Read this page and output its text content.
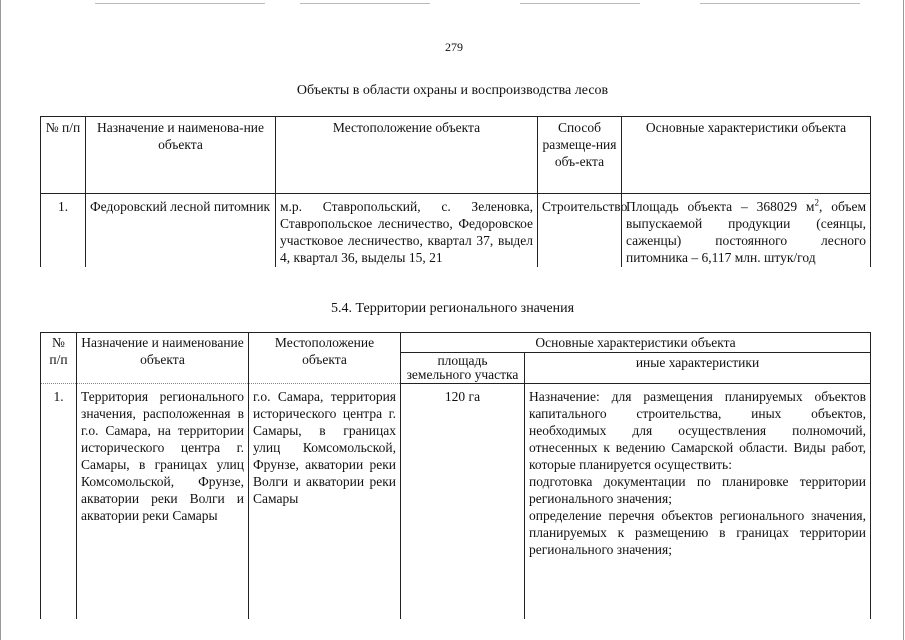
279
Объекты в области охраны и воспроизводства лесов
№ п/п	Назначение и наименова-ние объекта	Местоположение объекта	Способ размеще-ния объ-екта	Основные характеристики объекта
1.	Федоровский лесной питомник	м.р. Ставропольский, с. Зеленовка, Ставропольское лесничество, Федоровское участковое лесничество, квартал 37, выдел 4, квартал 36, выделы 15, 21	Строительство	Площадь объекта – 368029 $м^2$, объем выпускаемой продукции (сеянцы, саженцы) постоянного лесного питомника – 6,117 млн. штук/год
5.4. Территории регионального значения
№ п/п	Назначение и наименование объекта	Местоположение объекта	Основные характеристики объекта	
			площадь земельного участка	иные характеристики
1.	Территория регионального значения, расположенная в г.о. Самара, на территории исторического центра г. Самары, в границах улиц Комсомольской, Фрунзе, акватории реки Волги и акватории реки Самары	г.о. Самара, территория исторического центра г. Самары, в границах улиц Комсомольской, Фрунзе, акватории реки Волги и акватории реки Самары	120 га	Назначение: для размещения планируемых объектов капитального строительства, иных объектов, необходимых для осуществления полномочий, отнесенных к ведению Самарской области. Виды работ, которые планируется осуществить:
подготовка документации по планировке территории регионального значения;
определение перечня объектов регионального значения, планируемых к размещению в границах территории регионального значения;
